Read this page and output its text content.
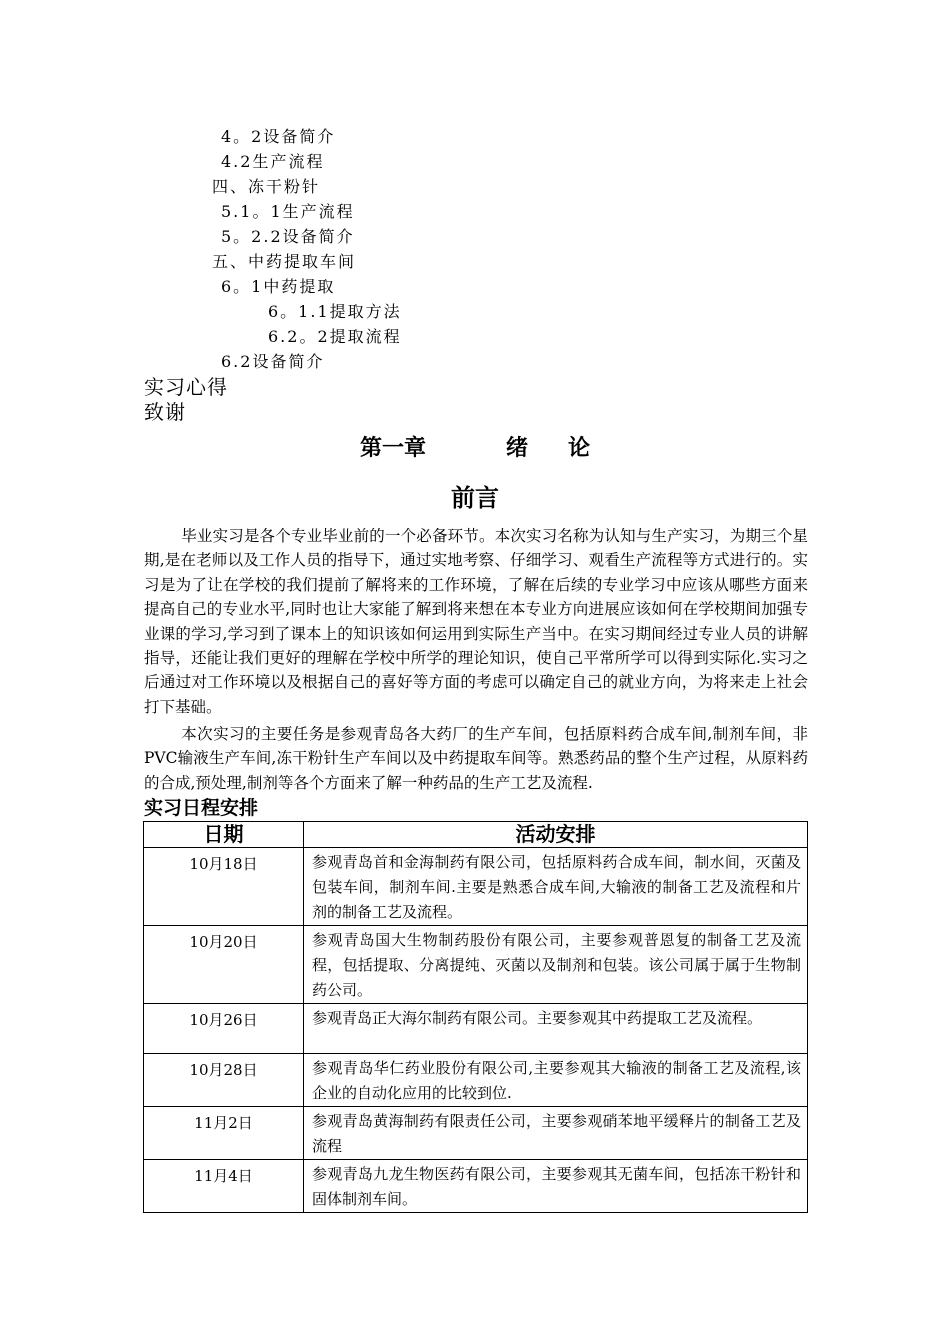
4。2设备简介
4.2生产流程
四、冻干粉针
5.1。1生产流程
5。2.2设备简介
五、中药提取车间
6。1中药提取
6。1.1提取方法
6.2。2提取流程
6.2设备简介
实习心得
致谢
第一章	绪 论
前言

毕业实习是各个专业毕业前的一个必备环节。本次实习名称为认知与生产实习，为期三个星期,是在老师以及工作人员的指导下，通过实地考察、仔细学习、观看生产流程等方式进行的。实习是为了让在学校的我们提前了解将来的工作环境，了解在后续的专业学习中应该从哪些方面来提高自己的专业水平,同时也让大家能了解到将来想在本专业方向进展应该如何在学校期间加强专业课的学习,学习到了课本上的知识该如何运用到实际生产当中。在实习期间经过专业人员的讲解指导，还能让我们更好的理解在学校中所学的理论知识，使自己平常所学可以得到实际化.实习之后通过对工作环境以及根据自己的喜好等方面的考虑可以确定自己的就业方向，为将来走上社会打下基础。

本次实习的主要任务是参观青岛各大药厂的生产车间，包括原料药合成车间,制剂车间，非PVC输液生产车间,冻干粉针生产车间以及中药提取车间等。熟悉药品的整个生产过程，从原料药的合成,预处理,制剂等各个方面来了解一种药品的生产工艺及流程.

实习日程安排
日期	活动安排
10月18日	参观青岛首和金海制药有限公司，包括原料药合成车间，制水间，灭菌及包装车间，制剂车间.主要是熟悉合成车间,大输液的制备工艺及流程和片剂的制备工艺及流程。
10月20日	参观青岛国大生物制药股份有限公司，主要参观普恩复的制备工艺及流程，包括提取、分离提纯、灭菌以及制剂和包装。该公司属于属于生物制药公司。
10月26日	参观青岛正大海尔制药有限公司。主要参观其中药提取工艺及流程。
10月28日	参观青岛华仁药业股份有限公司,主要参观其大输液的制备工艺及流程,该企业的自动化应用的比较到位.
11月2日	参观青岛黄海制药有限责任公司，主要参观硝苯地平缓释片的制备工艺及流程
11月4日	参观青岛九龙生物医药有限公司，主要参观其无菌车间，包括冻干粉针和固体制剂车间。
